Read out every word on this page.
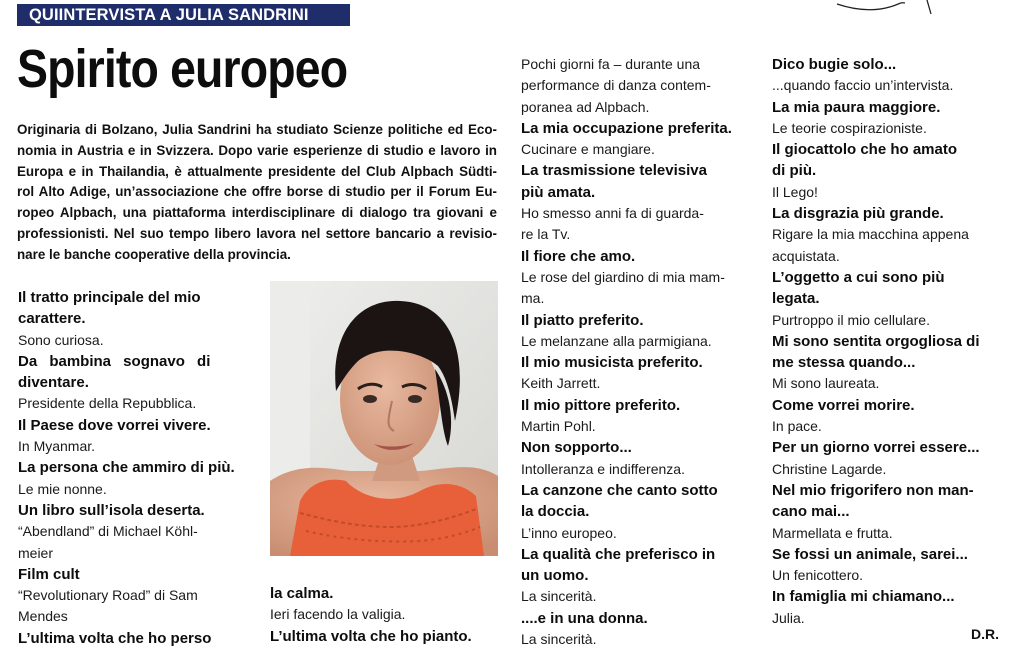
QUIINTERVISTA A JULIA SANDRINI
Spirito europeo

Originaria di Bolzano, Julia Sandrini ha studiato Scienze politiche ed Eco- nomia in Austria e in Svizzera. Dopo varie esperienze di studio e lavoro in Europa e in Thailandia, è attualmente presidente del Club Alpbach Südti- rol Alto Adige, un’associazione che offre borse di studio per il Forum Eu- ropeo Alpbach, una piattaforma interdisciplinare di dialogo tra giovani e professionisti. Nel suo tempo libero lavora nel settore bancario a revisio- nare le banche cooperative della provincia.

Il tratto principale del mio
carattere.
Sono curiosa.
Da bambina sognavo di
diventare.
Presidente della Repubblica.
Il Paese dove vorrei vivere.
In Myanmar.
La persona che ammiro di più.
Le mie nonne.
Un libro sull’isola deserta.
“Abendland” di Michael Köhl-
meier
Film cult
“Revolutionary Road” di Sam
Mendes
L’ultima volta che ho perso
la calma.
Ieri facendo la valigia.
L’ultima volta che ho pianto.
Pochi giorni fa – durante una
performance di danza contem-
poranea ad Alpbach.
La mia occupazione preferita.
Cucinare e mangiare.
La trasmissione televisiva
più amata.
Ho smesso anni fa di guarda-
re la Tv.
Il fiore che amo.
Le rose del giardino di mia mam-
ma.
Il piatto preferito.
Le melanzane alla parmigiana.
Il mio musicista preferito.
Keith Jarrett.
Il mio pittore preferito.
Martin Pohl.
Non sopporto...
Intolleranza e indifferenza.
La canzone che canto sotto
la doccia.
L’inno europeo.
La qualità che preferisco in
un uomo.
La sincerità.
....e in una donna.
La sincerità.
Dico bugie solo...
...quando faccio un’intervista.
La mia paura maggiore.
Le teorie cospirazioniste.
Il giocattolo che ho amato
di più.
Il Lego!
La disgrazia più grande.
Rigare la mia macchina appena
acquistata.
L’oggetto a cui sono più
legata.
Purtroppo il mio cellulare.
Mi sono sentita orgogliosa di
me stessa quando...
Mi sono laureata.
Come vorrei morire.
In pace.
Per un giorno vorrei essere...
Christine Lagarde.
Nel mio frigorifero non man-
cano mai...
Marmellata e frutta.
Se fossi un animale, sarei...
Un fenicottero.
In famiglia mi chiamano...
Julia.
D.R.
